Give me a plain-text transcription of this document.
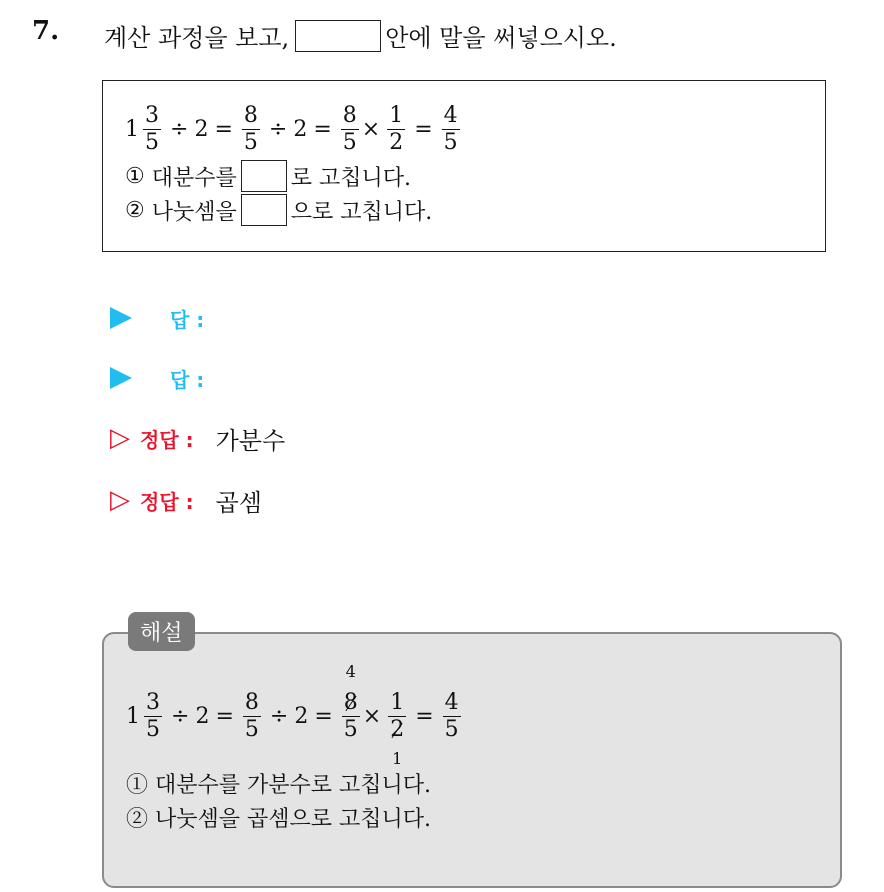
7. 계산 과정을 보고,	안에 말을 써넣으시오.
$1 \frac{3}{5} \div 2 = \frac{8}{5} \div 2 = \frac{8}{5} \times \frac{1}{2} = \frac{4}{5}$
①
대분수를 로 고칩니다.
②
나눗셈을 으로 고칩니다.
답 :
답 :
▷ 정답 : 가분수
▷ 정답 : 곱셈
해설
$1 \frac{3}{5} \div 2 = \frac{8}{5} \div 2$ =
4
8
5
×
1
2
1
= $\frac{4}{5}$
① 대분수를 가분수로 고칩니다.
② 나눗셈을 곱셈으로 고칩니다.
